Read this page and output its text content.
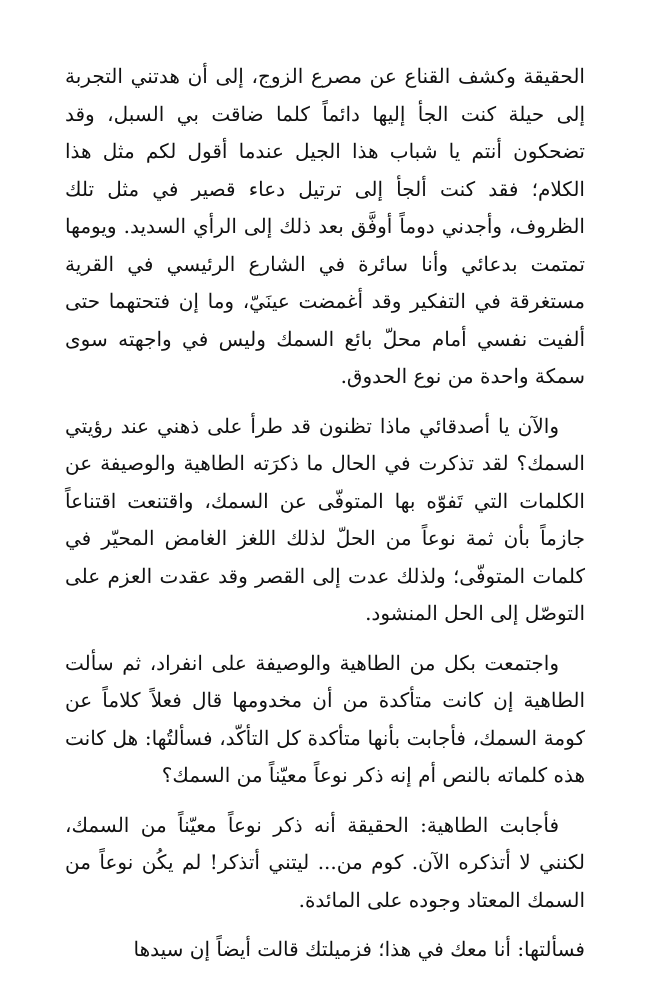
الحقيقة وكشف القناع عن مصرع الزوج، إلى أن هدتني التجربة إلى حيلة كنت الجأ إليها دائماً كلما ضاقت بي السبل، وقد تضحكون أنتم يا شباب هذا الجيل عندما أقول لكم مثل هذا الكلام؛ فقد كنت ألجأ إلى ترتيل دعاء قصير في مثل تلك الظروف، وأجدني دوماً أوفَّق بعد ذلك إلى الرأي السديد. ويومها تمتمت بدعائي وأنا سائرة في الشارع الرئيسي في القرية مستغرقة في التفكير وقد أغمضت عينَيّ، وما إن فتحتهما حتى ألفيت نفسي أمام محلّ بائع السمك وليس في واجهته سوى سمكة واحدة من نوع الحدوق.

والآن يا أصدقائي ماذا تظنون قد طرأ على ذهني عند رؤيتي السمك؟ لقد تذكرت في الحال ما ذكرَته الطاهية والوصيفة عن الكلمات التي تَفوّه بها المتوفّى عن السمك، واقتنعت اقتناعاً جازماً بأن ثمة نوعاً من الحلّ لذلك اللغز الغامض المحيّر في كلمات المتوفّى؛ ولذلك عدت إلى القصر وقد عقدت العزم على التوصّل إلى الحل المنشود.

واجتمعت بكل من الطاهية والوصيفة على انفراد، ثم سألت الطاهية إن كانت متأكدة من أن مخدومها قال فعلاً كلاماً عن كومة السمك، فأجابت بأنها متأكدة كل التأكّد، فسألتُها: هل كانت هذه كلماته بالنص أم إنه ذكر نوعاً معيّناً من السمك؟

فأجابت الطاهية: الحقيقة أنه ذكر نوعاً معيّناً من السمك، لكنني لا أتذكره الآن. كوم من... ليتني أتذكر! لم يكُن نوعاً من السمك المعتاد وجوده على المائدة.

فسألتها: أنا معك في هذا؛ فزميلتك قالت أيضاً إن سيدها
